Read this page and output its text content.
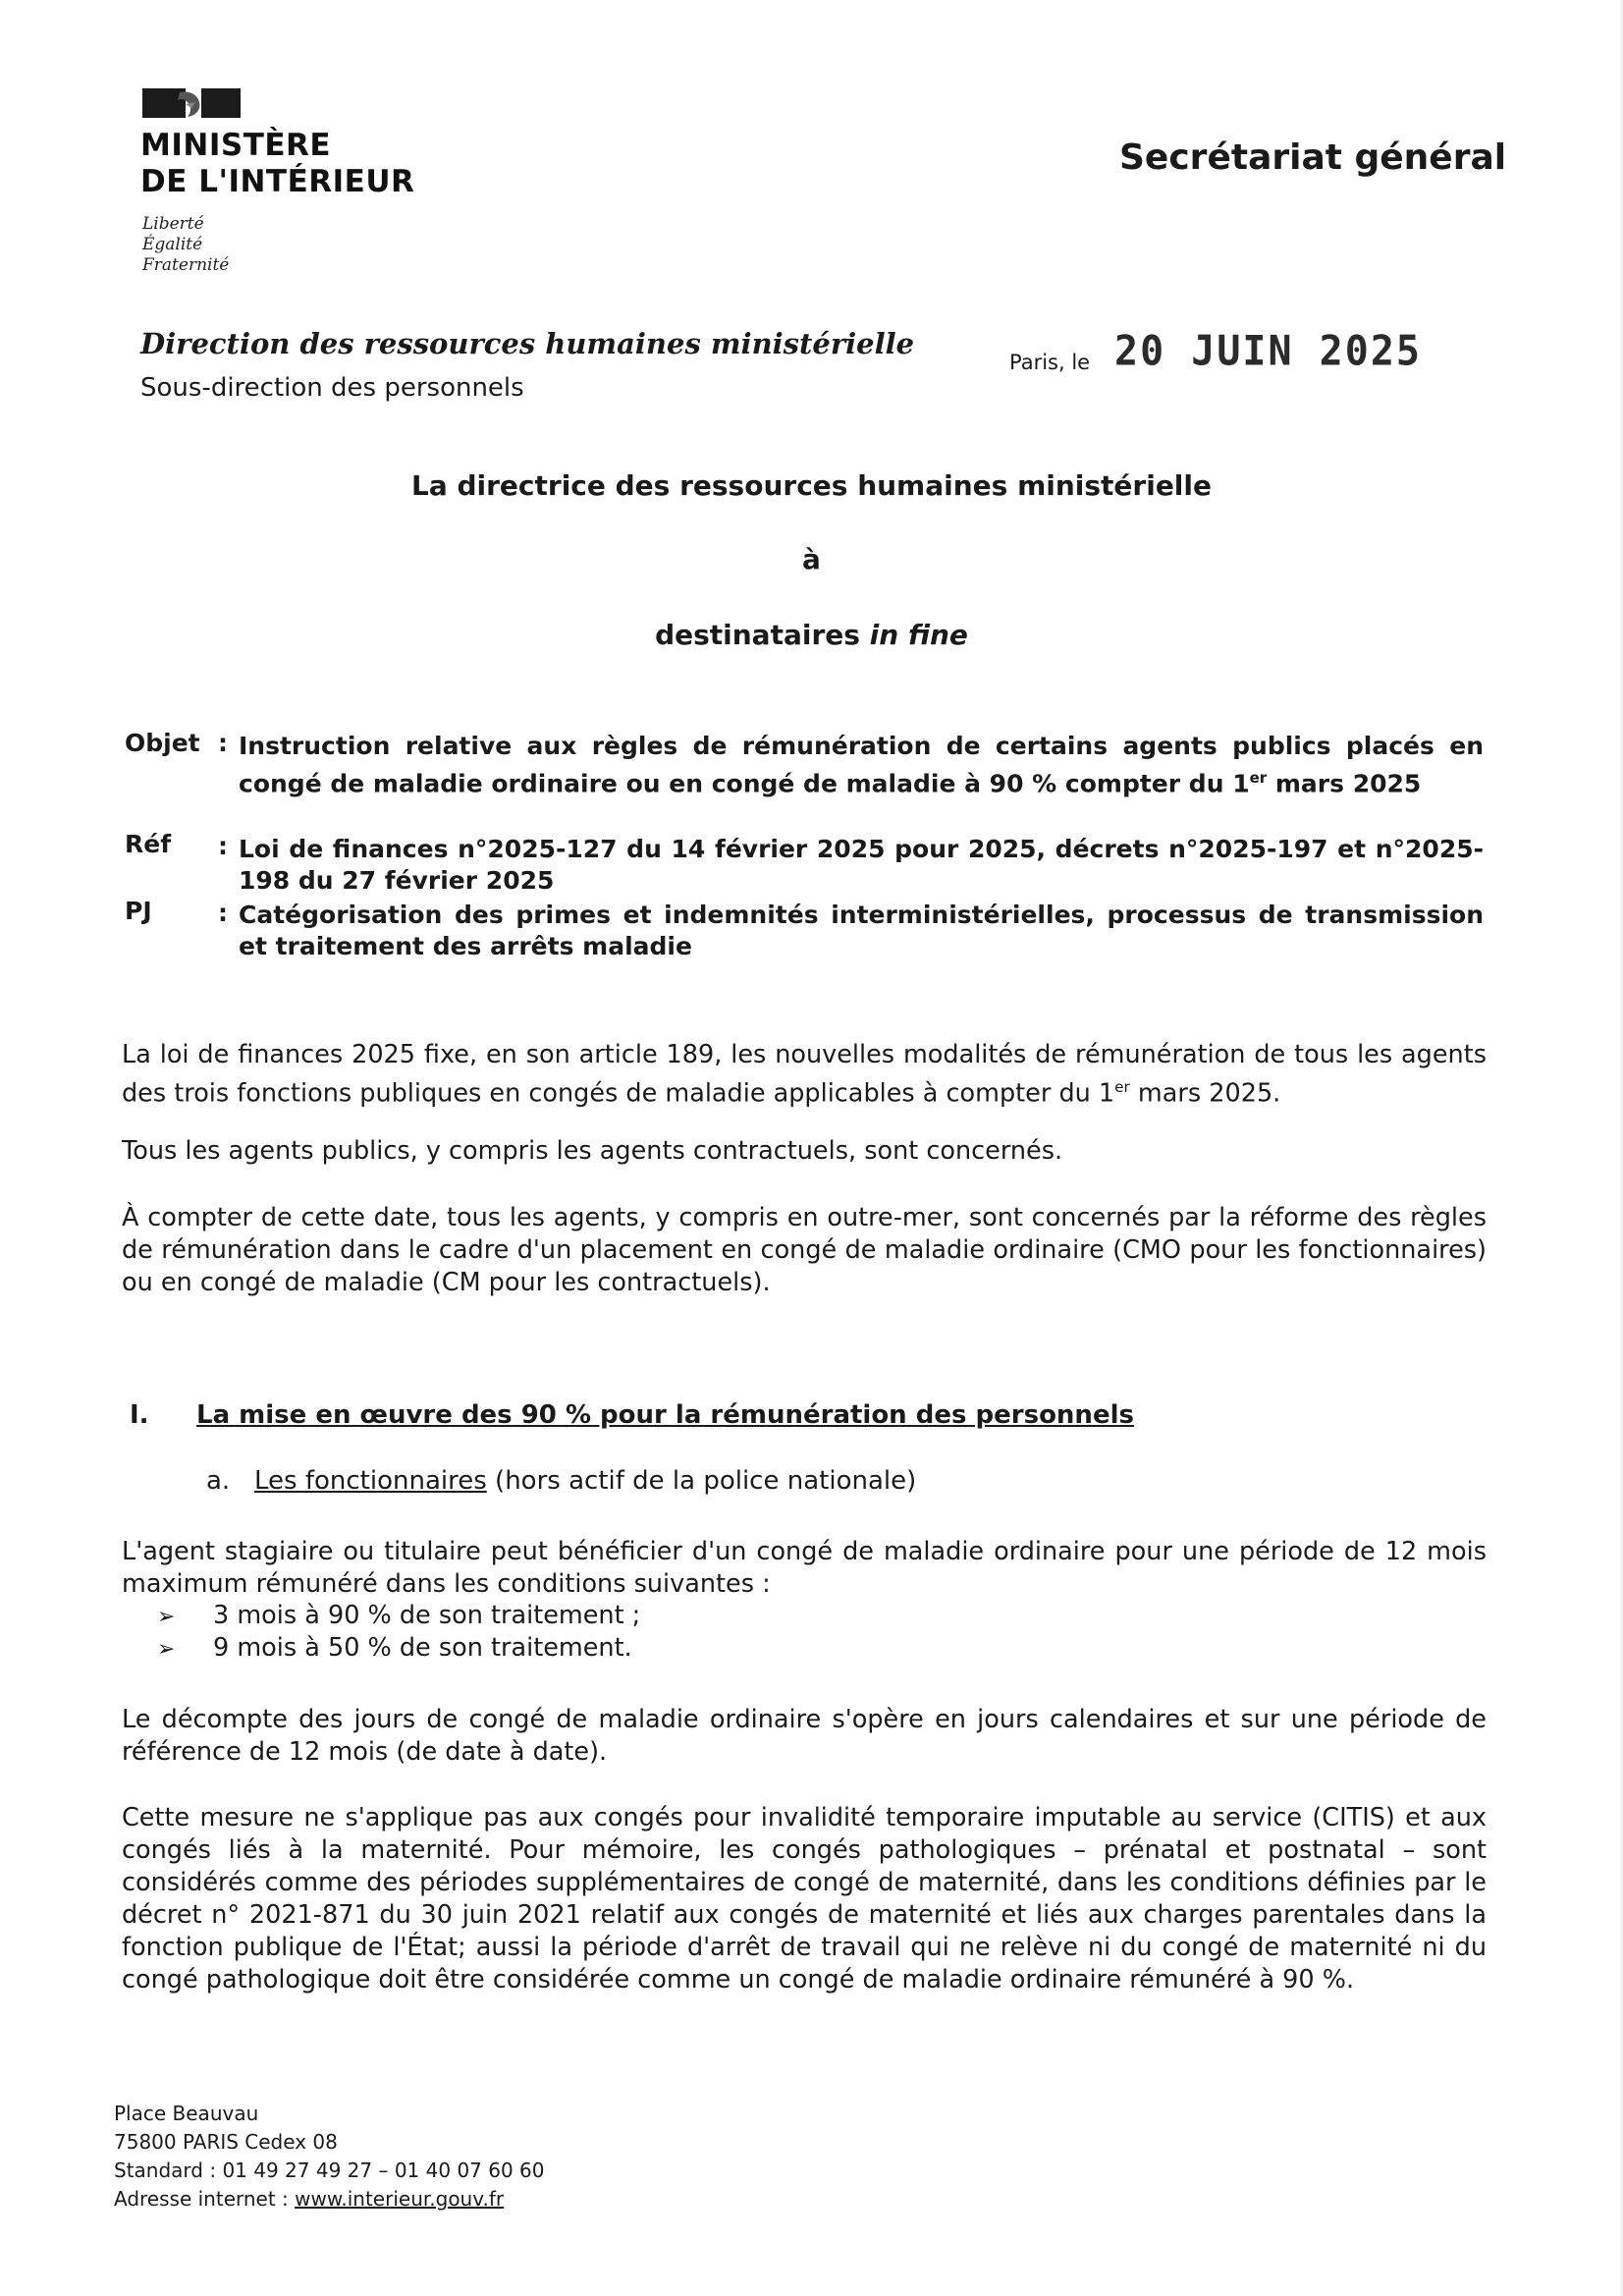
MINISTÈRE
DE L'INTÉRIEUR
Liberté
Égalité
Fraternité
Secrétariat général
Direction des ressources humaines ministérielle
Sous-direction des personnels
Paris, le 20 JUIN 2025
La directrice des ressources humaines ministérielle
à
destinataires in fine
Objet : Instruction relative aux règles de rémunération de certains agents publics placés en congé de maladie ordinaire ou en congé de maladie à 90 % compter du 1er mars 2025
Réf : Loi de finances n°2025-127 du 14 février 2025 pour 2025, décrets n°2025-197 et n°2025-198 du 27 février 2025
PJ	: Catégorisation des primes et indemnités interministérielles, processus de transmission et traitement des arrêts maladie
La loi de finances 2025 fixe, en son article 189, les nouvelles modalités de rémunération de tous les agents des trois fonctions publiques en congés de maladie applicables à compter du 1er mars 2025.
Tous les agents publics, y compris les agents contractuels, sont concernés.
À compter de cette date, tous les agents, y compris en outre-mer, sont concernés par la réforme des règles de rémunération dans le cadre d'un placement en congé de maladie ordinaire (CMO pour les fonctionnaires) ou en congé de maladie (CM pour les contractuels).
I. La mise en œuvre des 90 % pour la rémunération des personnels
a. Les fonctionnaires (hors actif de la police nationale)
L'agent stagiaire ou titulaire peut bénéficier d'un congé de maladie ordinaire pour une période de 12 mois maximum rémunéré dans les conditions suivantes :
➢ 3 mois à 90 % de son traitement ;
➢ 9 mois à 50 % de son traitement.
Le décompte des jours de congé de maladie ordinaire s'opère en jours calendaires et sur une période de référence de 12 mois (de date à date).
Cette mesure ne s'applique pas aux congés pour invalidité temporaire imputable au service (CITIS) et aux congés liés à la maternité. Pour mémoire, les congés pathologiques – prénatal et postnatal – sont considérés comme des périodes supplémentaires de congé de maternité, dans les conditions définies par le décret n° 2021-871 du 30 juin 2021 relatif aux congés de maternité et liés aux charges parentales dans la fonction publique de l'État; aussi la période d'arrêt de travail qui ne relève ni du congé de maternité ni du congé pathologique doit être considérée comme un congé de maladie ordinaire rémunéré à 90 %.
Place Beauvau
75800 PARIS Cedex 08
Standard : 01 49 27 49 27 – 01 40 07 60 60
Adresse internet : www.interieur.gouv.fr
